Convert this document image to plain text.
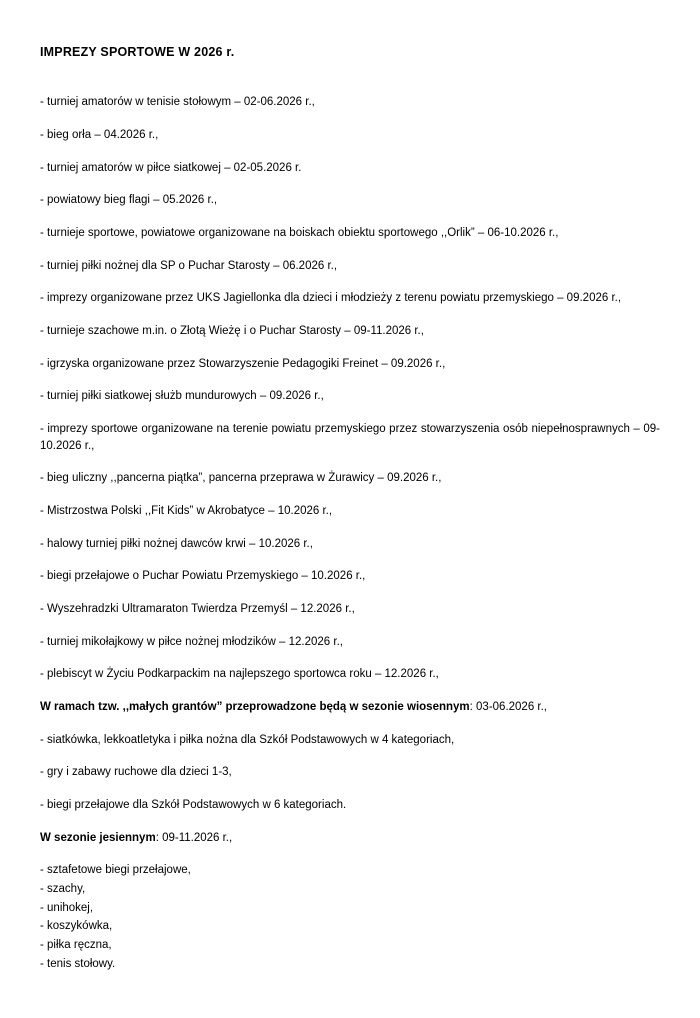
IMPREZY SPORTOWE W 2026 r.

- turniej amatorów w tenisie stołowym – 02-06.2026 r.,

- bieg orła – 04.2026 r.,

- turniej amatorów w piłce siatkowej – 02-05.2026 r.

- powiatowy bieg flagi – 05.2026 r.,

- turnieje sportowe, powiatowe organizowane na boiskach obiektu sportowego ,,Orlik” – 06-10.2026 r.,

- turniej piłki nożnej dla SP o Puchar Starosty – 06.2026 r.,

- imprezy organizowane przez UKS Jagiellonka dla dzieci i młodzieży z terenu powiatu przemyskiego – 09.2026 r.,

- turnieje szachowe m.in. o Złotą Wieżę i o Puchar Starosty – 09-11.2026 r.,

- igrzyska organizowane przez Stowarzyszenie Pedagogiki Freinet – 09.2026 r.,

- turniej piłki siatkowej służb mundurowych – 09.2026 r.,

- imprezy sportowe organizowane na terenie powiatu przemyskiego przez stowarzyszenia osób niepełnosprawnych – 09-10.2026 r.,

- bieg uliczny ,,pancerna piątka”, pancerna przeprawa w Żurawicy – 09.2026 r.,

- Mistrzostwa Polski ,,Fit Kids” w Akrobatyce – 10.2026 r.,

- halowy turniej piłki nożnej dawców krwi – 10.2026 r.,

- biegi przełajowe o Puchar Powiatu Przemyskiego – 10.2026 r.,

- Wyszehradzki Ultramaraton Twierdza Przemyśl – 12.2026 r.,

- turniej mikołajkowy w piłce nożnej młodzików – 12.2026 r.,

- plebiscyt w Życiu Podkarpackim na najlepszego sportowca roku – 12.2026 r.,

W ramach tzw. ,,małych grantów” przeprowadzone będą w sezonie wiosennym: 03-06.2026 r.,

- siatkówka, lekkoatletyka i piłka nożna dla Szkół Podstawowych w 4 kategoriach,

- gry i zabawy ruchowe dla dzieci 1-3,

- biegi przełajowe dla Szkół Podstawowych w 6 kategoriach.

W sezonie jesiennym: 09-11.2026 r.,

- sztafetowe biegi przełajowe,

- szachy,

- unihokej,

- koszykówka,

- piłka ręczna,

- tenis stołowy.
